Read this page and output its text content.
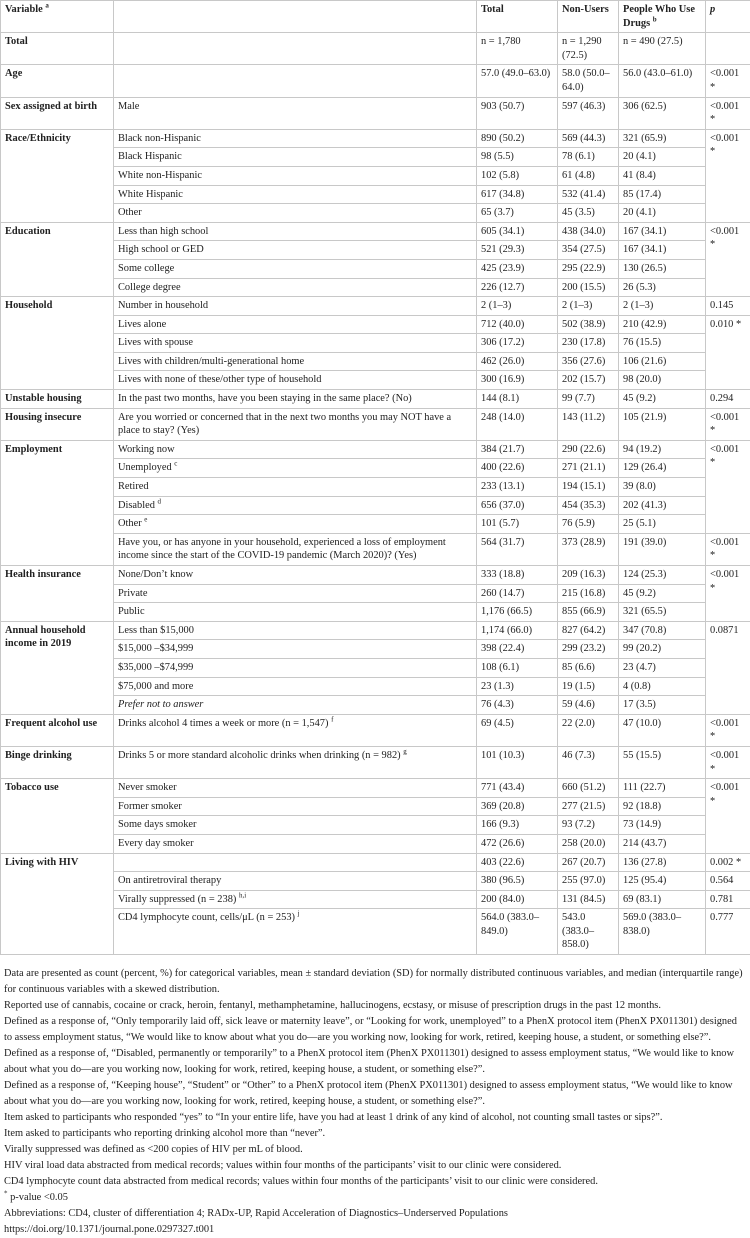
Variable $^a$		Total	Non-Users	People Who Use Drugs $^b$	p
Total		n = 1,780	n = 1,290 (72.5)	n = 490 (27.5)	
Age		57.0 (49.0–63.0)	58.0 (50.0–64.0)	56.0 (43.0–61.0)	<0.001 *
Sex assigned at birth	Male	903 (50.7)	597 (46.3)	306 (62.5)	<0.001 *
Race/Ethnicity	Black non-Hispanic	890 (50.2)	569 (44.3)	321 (65.9)	<0.001 *
	Black Hispanic	98 (5.5)	78 (6.1)	20 (4.1)	
	White non-Hispanic	102 (5.8)	61 (4.8)	41 (8.4)	
	White Hispanic	617 (34.8)	532 (41.4)	85 (17.4)	
	Other	65 (3.7)	45 (3.5)	20 (4.1)	
Education	Less than high school	605 (34.1)	438 (34.0)	167 (34.1)	<0.001 *
	High school or GED	521 (29.3)	354 (27.5)	167 (34.1)	
	Some college	425 (23.9)	295 (22.9)	130 (26.5)	
	College degree	226 (12.7)	200 (15.5)	26 (5.3)	
Household	Number in household	2 (1–3)	2 (1–3)	2 (1–3)	0.145
	Lives alone	712 (40.0)	502 (38.9)	210 (42.9)	0.010 *
	Lives with spouse	306 (17.2)	230 (17.8)	76 (15.5)	
	Lives with children/multi-generational home	462 (26.0)	356 (27.6)	106 (21.6)	
	Lives with none of these/other type of household	300 (16.9)	202 (15.7)	98 (20.0)	
Unstable housing	In the past two months, have you been staying in the same place? (No)	144 (8.1)	99 (7.7)	45 (9.2)	0.294
Housing insecure	Are you worried or concerned that in the next two months you may NOT have a place to stay? (Yes)	248 (14.0)	143 (11.2)	105 (21.9)	<0.001 *
Employment	Working now	384 (21.7)	290 (22.6)	94 (19.2)	<0.001 *
	Unemployed $^c$	400 (22.6)	271 (21.1)	129 (26.4)	
	Retired	233 (13.1)	194 (15.1)	39 (8.0)	
	Disabled $^d$	656 (37.0)	454 (35.3)	202 (41.3)	
	Other $^e$	101 (5.7)	76 (5.9)	25 (5.1)	
	Have you, or has anyone in your household, experienced a loss of employment income since the start of the COVID-19 pandemic (March 2020)? (Yes)	564 (31.7)	373 (28.9)	191 (39.0)	<0.001 *
Health insurance	None/Don’t know	333 (18.8)	209 (16.3)	124 (25.3)	<0.001 *
	Private	260 (14.7)	215 (16.8)	45 (9.2)	
	Public	1,176 (66.5)	855 (66.9)	321 (65.5)	
Annual household income in 2019	Less than $15,000	1,174 (66.0)	827 (64.2)	347 (70.8)	0.0871
	$15,000 –$34,999	398 (22.4)	299 (23.2)	99 (20.2)	
	$35,000 –$74,999	108 (6.1)	85 (6.6)	23 (4.7)	
	$75,000 and more	23 (1.3)	19 (1.5)	4 (0.8)	
	Prefer not to answer	76 (4.3)	59 (4.6)	17 (3.5)	
Frequent alcohol use	Drinks alcohol 4 times a week or more (n = 1,547) $^f$	69 (4.5)	22 (2.0)	47 (10.0)	<0.001 *
Binge drinking	Drinks 5 or more standard alcoholic drinks when drinking (n = 982) $^g$	101 (10.3)	46 (7.3)	55 (15.5)	<0.001 *
Tobacco use	Never smoker	771 (43.4)	660 (51.2)	111 (22.7)	<0.001 *
	Former smoker	369 (20.8)	277 (21.5)	92 (18.8)	
	Some days smoker	166 (9.3)	93 (7.2)	73 (14.9)	
	Every day smoker	472 (26.6)	258 (20.0)	214 (43.7)	
Living with HIV		403 (22.6)	267 (20.7)	136 (27.8)	0.002 *
	On antiretroviral therapy	380 (96.5)	255 (97.0)	125 (95.4)	0.564
	Virally suppressed (n = 238) $^{h,i}$	200 (84.0)	131 (84.5)	69 (83.1)	0.781
	CD4 lymphocyte count, cells/μL (n = 253) $^j$	564.0 (383.0–849.0)	543.0 (383.0–858.0)	569.0 (383.0–838.0)	0.777

Data are presented as count (percent, %) for categorical variables, mean ± standard deviation (SD) for normally distributed continuous variables, and median (interquartile range) for continuous variables with a skewed distribution.

Reported use of cannabis, cocaine or crack, heroin, fentanyl, methamphetamine, hallucinogens, ecstasy, or misuse of prescription drugs in the past 12 months.

Defined as a response of, “Only temporarily laid off, sick leave or maternity leave”, or “Looking for work, unemployed” to a PhenX protocol item (PhenX PX011301) designed to assess employment status, “We would like to know about what you do—are you working now, looking for work, retired, keeping house, a student, or something else?”.

Defined as a response of, “Disabled, permanently or temporarily” to a PhenX protocol item (PhenX PX011301) designed to assess employment status, “We would like to know about what you do—are you working now, looking for work, retired, keeping house, a student, or something else?”.

Defined as a response of, “Keeping house”, “Student” or “Other” to a PhenX protocol item (PhenX PX011301) designed to assess employment status, “We would like to know about what you do—are you working now, looking for work, retired, keeping house, a student, or something else?”.

Item asked to participants who responded “yes” to “In your entire life, have you had at least 1 drink of any kind of alcohol, not counting small tastes or sips?”.

Item asked to participants who reporting drinking alcohol more than “never”.

Virally suppressed was defined as <200 copies of HIV per mL of blood.

HIV viral load data abstracted from medical records; values within four months of the participants’ visit to our clinic were considered.

CD4 lymphocyte count data abstracted from medical records; values within four months of the participants’ visit to our clinic were considered.

* p-value <0.05

Abbreviations: CD4, cluster of differentiation 4; RADx-UP, Rapid Acceleration of Diagnostics–Underserved Populations

https://doi.org/10.1371/journal.pone.0297327.t001
